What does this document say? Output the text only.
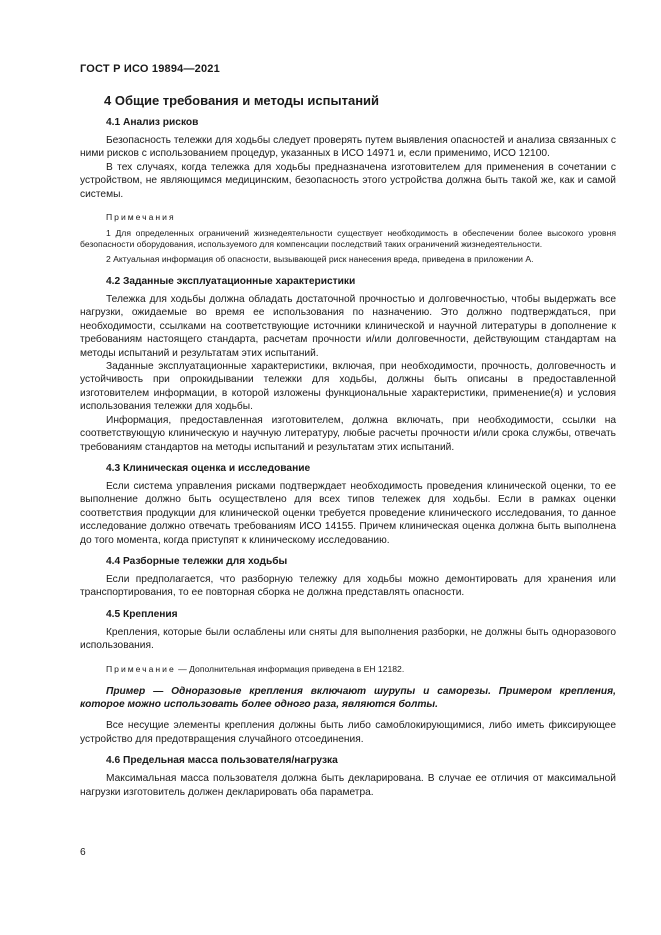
ГОСТ Р ИСО 19894—2021
4 Общие требования и методы испытаний
4.1 Анализ рисков

Безопасность тележки для ходьбы следует проверять путем выявления опасностей и анализа связанных с ними рисков с использованием процедур, указанных в ИСО 14971 и, если применимо, ИСО 12100.

В тех случаях, когда тележка для ходьбы предназначена изготовителем для применения в сочетании с устройством, не являющимся медицинским, безопасность этого устройства должна быть такой же, как и самой системы.

Примечания
1 Для определенных ограничений жизнедеятельности существует необходимость в обеспечении более высокого уровня безопасности оборудования, используемого для компенсации последствий таких ограничений жизнедеятельности.
2 Актуальная информация об опасности, вызывающей риск нанесения вреда, приведена в приложении А.
4.2 Заданные эксплуатационные характеристики

Тележка для ходьбы должна обладать достаточной прочностью и долговечностью, чтобы выдержать все нагрузки, ожидаемые во время ее использования по назначению. Это должно подтверждаться, при необходимости, ссылками на соответствующие источники клинической и научной литературы в дополнение к требованиям настоящего стандарта, расчетам прочности и/или долговечности, действующим стандартам на методы испытаний и результатам этих испытаний.

Заданные эксплуатационные характеристики, включая, при необходимости, прочность, долговечность и устойчивость при опрокидывании тележки для ходьбы, должны быть описаны в предоставленной изготовителем информации, в которой изложены функциональные характеристики, применение(я) и условия использования тележки для ходьбы.

Информация, предоставленная изготовителем, должна включать, при необходимости, ссылки на соответствующую клиническую и научную литературу, любые расчеты прочности и/или срока службы, отвечать требованиям стандартов на методы испытаний и результатам этих испытаний.

4.3 Клиническая оценка и исследование

Если система управления рисками подтверждает необходимость проведения клинической оценки, то ее выполнение должно быть осуществлено для всех типов тележек для ходьбы. Если в рамках оценки соответствия продукции для клинической оценки требуется проведение клинического исследования, то данное исследование должно отвечать требованиям ИСО 14155. Причем клиническая оценка должна быть выполнена до того момента, когда приступят к клиническому исследованию.

4.4 Разборные тележки для ходьбы

Если предполагается, что разборную тележку для ходьбы можно демонтировать для хранения или транспортирования, то ее повторная сборка не должна представлять опасности.

4.5 Крепления

Крепления, которые были ослаблены или сняты для выполнения разборки, не должны быть одноразового использования.

Примечание — Дополнительная информация приведена в ЕН 12182.
Пример — Одноразовые крепления включают шурупы и саморезы. Примером крепления, которое можно использовать более одного раза, являются болты.

Все несущие элементы крепления должны быть либо самоблокирующимися, либо иметь фиксирующее устройство для предотвращения случайного отсоединения.

4.6 Предельная масса пользователя/нагрузка

Максимальная масса пользователя должна быть декларирована. В случае ее отличия от максимальной нагрузки изготовитель должен декларировать оба параметра.

6
